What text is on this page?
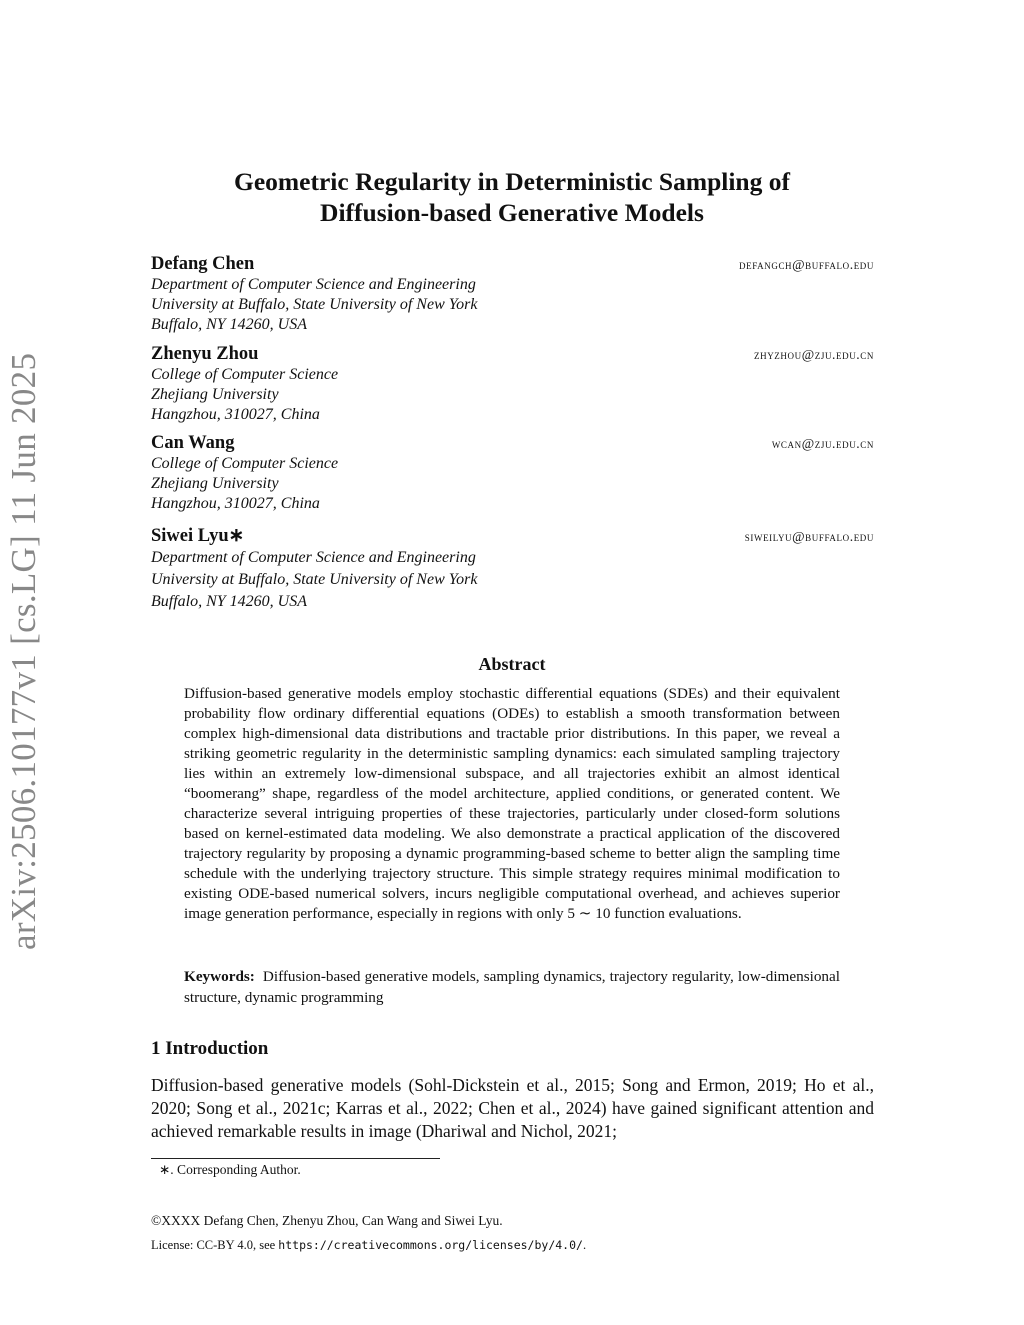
arXiv:2506.10177v1 [cs.LG] 11 Jun 2025
Geometric Regularity in Deterministic Sampling of
Diffusion-based Generative Models
Defang Chen	defangch@buffalo.edu
Department of Computer Science and Engineering
University at Buffalo, State University of New York
Buffalo, NY 14260, USA
Zhenyu Zhou	zhyzhou@zju.edu.cn
College of Computer Science
Zhejiang University
Hangzhou, 310027, China
Can Wang	wcan@zju.edu.cn
College of Computer Science
Zhejiang University
Hangzhou, 310027, China
Siwei Lyu∗	siweilyu@buffalo.edu
Department of Computer Science and Engineering
University at Buffalo, State University of New York
Buffalo, NY 14260, USA
Abstract
Diffusion-based generative models employ stochastic differential equations (SDEs) and their equivalent probability flow ordinary differential equations (ODEs) to establish a smooth transformation between complex high-dimensional data distributions and tractable prior distributions. In this paper, we reveal a striking geometric regularity in the deterministic sampling dynamics: each simulated sampling trajectory lies within an extremely low-dimensional subspace, and all trajectories exhibit an almost identical “boomerang” shape, regardless of the model architecture, applied conditions, or generated content. We characterize several intriguing properties of these trajectories, particularly under closed-form solutions based on kernel-estimated data modeling. We also demonstrate a practical application of the discovered trajectory regularity by proposing a dynamic programming-based scheme to better align the sampling time schedule with the underlying trajectory structure. This simple strategy requires minimal modification to existing ODE-based numerical solvers, incurs negligible computational overhead, and achieves superior image generation performance, especially in regions with only 5 ∼ 10 function evaluations.
Keywords: Diffusion-based generative models, sampling dynamics, trajectory regularity, low-dimensional structure, dynamic programming
1 Introduction
Diffusion-based generative models (Sohl-Dickstein et al., 2015; Song and Ermon, 2019; Ho et al., 2020; Song et al., 2021c; Karras et al., 2022; Chen et al., 2024) have gained significant attention and achieved remarkable results in image (Dhariwal and Nichol, 2021;
∗. Corresponding Author.
©XXXX Defang Chen, Zhenyu Zhou, Can Wang and Siwei Lyu.
License: CC-BY 4.0, see https://creativecommons.org/licenses/by/4.0/.
